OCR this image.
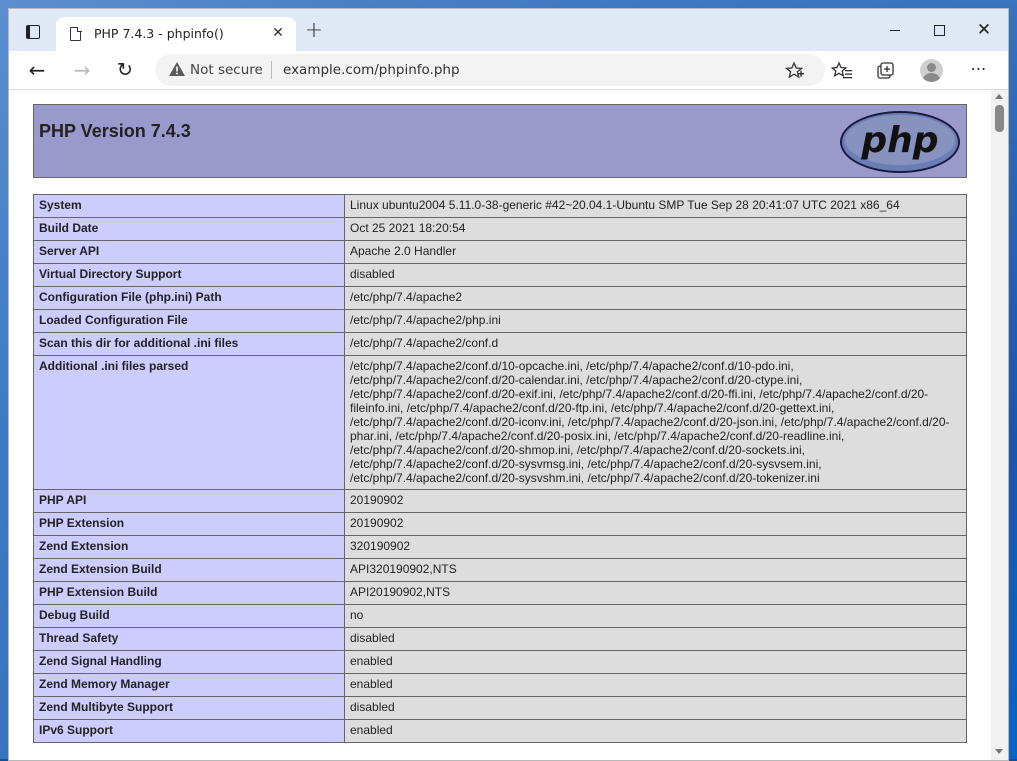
PHP 7.4.3 - phpinfo()	✕ +	✕
← → ↻	Not secure example.com/phpinfo.php	⋯
PHP Version 7.4.3	php
System	Linux ubuntu2004 5.11.0-38-generic #42~20.04.1-Ubuntu SMP Tue Sep 28 20:41:07 UTC 2021 x86_64
Build Date	Oct 25 2021 18:20:54
Server API	Apache 2.0 Handler
Virtual Directory Support	disabled
Configuration File (php.ini) Path	/etc/php/7.4/apache2
Loaded Configuration File	/etc/php/7.4/apache2/php.ini
Scan this dir for additional .ini files	/etc/php/7.4/apache2/conf.d
Additional .ini files parsed	/etc/php/7.4/apache2/conf.d/10-opcache.ini, /etc/php/7.4/apache2/conf.d/10-pdo.ini, /etc/php/7.4/apache2/conf.d/20-calendar.ini, /etc/php/7.4/apache2/conf.d/20-ctype.ini, /etc/php/7.4/apache2/conf.d/20-exif.ini, /etc/php/7.4/apache2/conf.d/20-ffi.ini, /etc/php/7.4/apache2/conf.d/20-fileinfo.ini, /etc/php/7.4/apache2/conf.d/20-ftp.ini, /etc/php/7.4/apache2/conf.d/20-gettext.ini, /etc/php/7.4/apache2/conf.d/20-iconv.ini, /etc/php/7.4/apache2/conf.d/20-json.ini, /etc/php/7.4/apache2/conf.d/20-phar.ini, /etc/php/7.4/apache2/conf.d/20-posix.ini, /etc/php/7.4/apache2/conf.d/20-readline.ini, /etc/php/7.4/apache2/conf.d/20-shmop.ini, /etc/php/7.4/apache2/conf.d/20-sockets.ini, /etc/php/7.4/apache2/conf.d/20-sysvmsg.ini, /etc/php/7.4/apache2/conf.d/20-sysvsem.ini, /etc/php/7.4/apache2/conf.d/20-sysvshm.ini, /etc/php/7.4/apache2/conf.d/20-tokenizer.ini
PHP API	20190902
PHP Extension	20190902
Zend Extension	320190902
Zend Extension Build	API320190902,NTS
PHP Extension Build	API20190902,NTS
Debug Build	no
Thread Safety	disabled
Zend Signal Handling	enabled
Zend Memory Manager	enabled
Zend Multibyte Support	disabled
IPv6 Support	enabled
